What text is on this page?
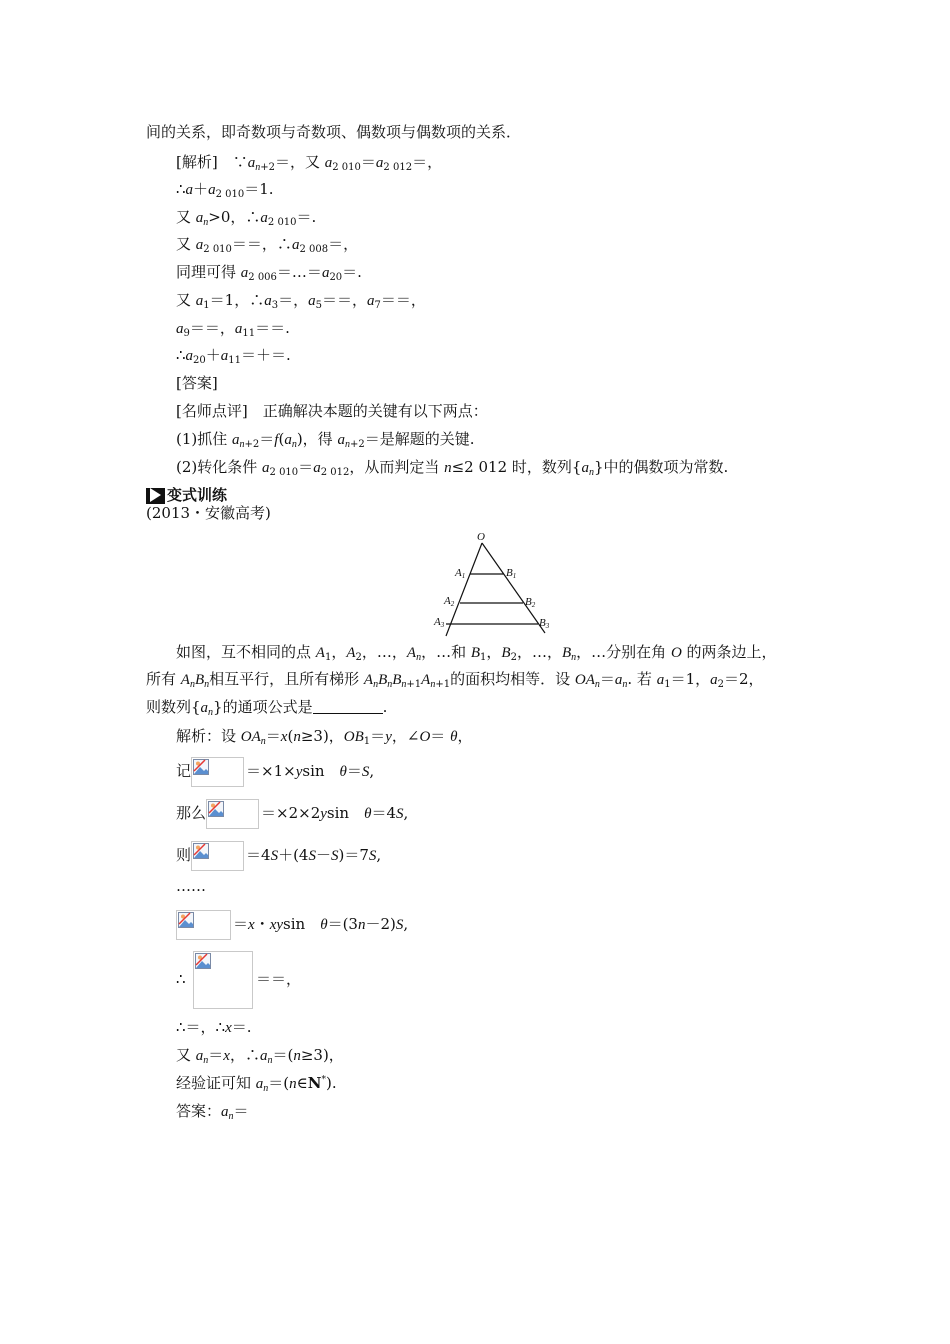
间的关系，即奇数项与奇数项、偶数项与偶数项的关系．
[解析]　$\because a_{n+2}=$，又 $a_{2 010}=a_{2 012}=$，
$\therefore a+a_{2 010}=1$.
又 $a_n>0$，$\therefore a_{2 010}=$.
又 $a_{2 010}==$，$\therefore a_{2 008}=$，
同理可得 $a_{2 006}=\dots=a_{20}=$.
又 $a_1=1$，$\therefore a_3=$，$a_5==$，$a_7==$，
$a_9==$，$a_{11}==$.
$\therefore a_{20}+a_{11}=+=$.
[答案]
[名师点评]　正确解决本题的关键有以下两点：
(1)抓住 $a_{n+2}=f(a_n)$，得 $a_{n+2}=$是解题的关键.
(2)转化条件 $a_{2 010}=a_{2 012}$，从而判定当 n≤2 012 时，数列$\{a_n\}$中的偶数项为常数.
变式训练
(2013・安徽高考)
O
A1	B1
A2	B2
A3	B3
如图，互不相同的点 $A_1$，$A_2$，…，$A_n$，…和 $B_1$，$B_2$，…，$B_n$，…分别在角 O 的两条边上，
所有 $A_nB_n$相互平行，且所有梯形 $A_nB_nB_{n+1}A_{n+1}$的面积均相等．设 $OA_n=a_n$. 若 $a_1=1$，$a_2=2$，
则数列$\{a_n\}$的通项公式是	.
解析：设 $OA_n=x(n\ge 3)$，$OB_1=y$，∠O＝ θ，
记	＝×1×ysin　θ＝S,
那么	＝×2×2ysin　θ＝4S,
则	＝4S＋(4S－S)＝7S,
……
＝x・xysin　θ＝(3n－2)S,
∴	＝＝，
∴＝，∴x＝.
又 $a_n=x$，$\therefore a_n=(n\ge 3)$，
经验证可知 $a_n=(n\in N^*)$.
答案：$a_n=$
